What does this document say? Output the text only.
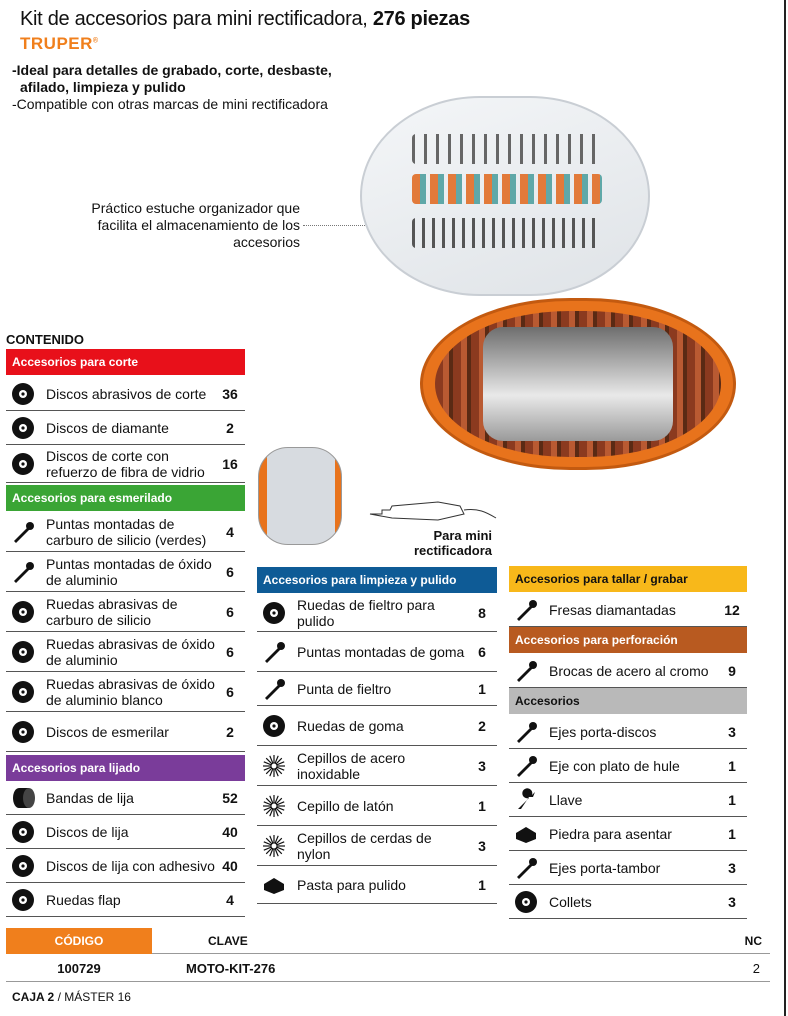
Kit de accesorios para mini rectificadora, 276 piezas
TRUPER®
-Ideal para detalles de grabado, corte, desbaste, afilado, limpieza y pulido
-Compatible con otras marcas de mini rectificadora
Práctico estuche organizador que facilita el almacenamiento de los accesorios
Para mini rectificadora
CONTENIDO
Accesorios para corte
Discos abrasivos de corte	36
Discos de diamante	2
Discos de corte con refuerzo de fibra de vidrio	16
Accesorios para esmerilado
Puntas montadas de carburo de silicio (verdes)	4
Puntas montadas de óxido de aluminio	6
Ruedas abrasivas de carburo de silicio	6
Ruedas abrasivas de óxido de aluminio	6
Ruedas abrasivas de óxido de aluminio blanco	6
Discos de esmerilar	2
Accesorios para lijado
Bandas de lija	52
Discos de lija	40
Discos de lija con adhesivo 40
Ruedas flap	4
Accesorios para limpieza y pulido
Ruedas de fieltro para pulido	8
Puntas montadas de goma 6
Punta de fieltro	1
Ruedas de goma	2
Cepillos de acero inoxidable	3
Cepillo de latón	1
Cepillos de cerdas de nylon	3
Pasta para pulido	1
Accesorios para tallar / grabar
Fresas diamantadas	12
Accesorios para perforación
Brocas de acero al cromo	9
Accesorios
Ejes porta-discos	3
Eje con plato de hule	1
Llave	1
Piedra para asentar	1
Ejes porta-tambor	3
Collets	3
CÓDIGO	CLAVE	NC
100729	MOTO-KIT-276	2
CAJA 2 / MÁSTER 16
